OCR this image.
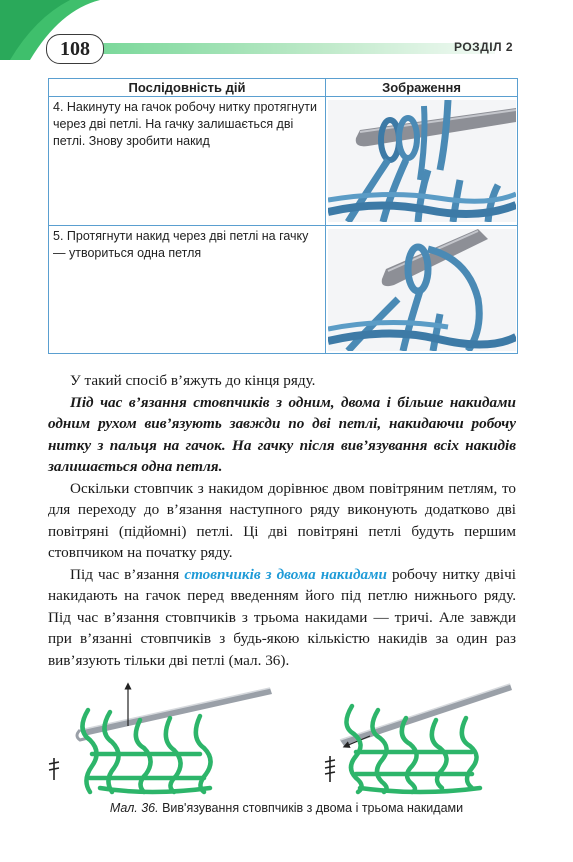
108	РОЗДІЛ 2
Послідовність дій	Зображення

4. Накинуту на гачок робочу нитку протягнути через дві петлі. На гачку залишається дві петлі. Знову зробити накид

5. Протягнути накид через дві петлі на гачку — утвориться одна петля

У такий спосіб в’яжуть до кінця ряду.

Під час в’язання стовпчиків з одним, двома і більше накидами одним рухом вив’язують завжди по дві петлі, накидаючи робочу нитку з пальця на гачок. На гачку після вив’язування всіх накидів залишається одна петля.

Оскільки стовпчик з накидом дорівнює двом повітряним петлям, то для переходу до в’язання наступного ряду виконують додатково дві повітряні (підйомні) петлі. Ці дві повітряні петлі будуть першим стовпчиком на початку ряду.

Під час в’язання стовпчиків з двома накидами робочу нитку двічі накидають на гачок перед введенням його під петлю нижнього ряду. Під час в’язання стовпчиків з трьома накидами — тричі. Але завжди при в’язанні стовпчиків з будь-якою кількістю накидів за один раз вив’язують тільки дві петлі (мал. 36).

Мал. 36. Вив'язування стовпчиків з двома і трьома накидами
